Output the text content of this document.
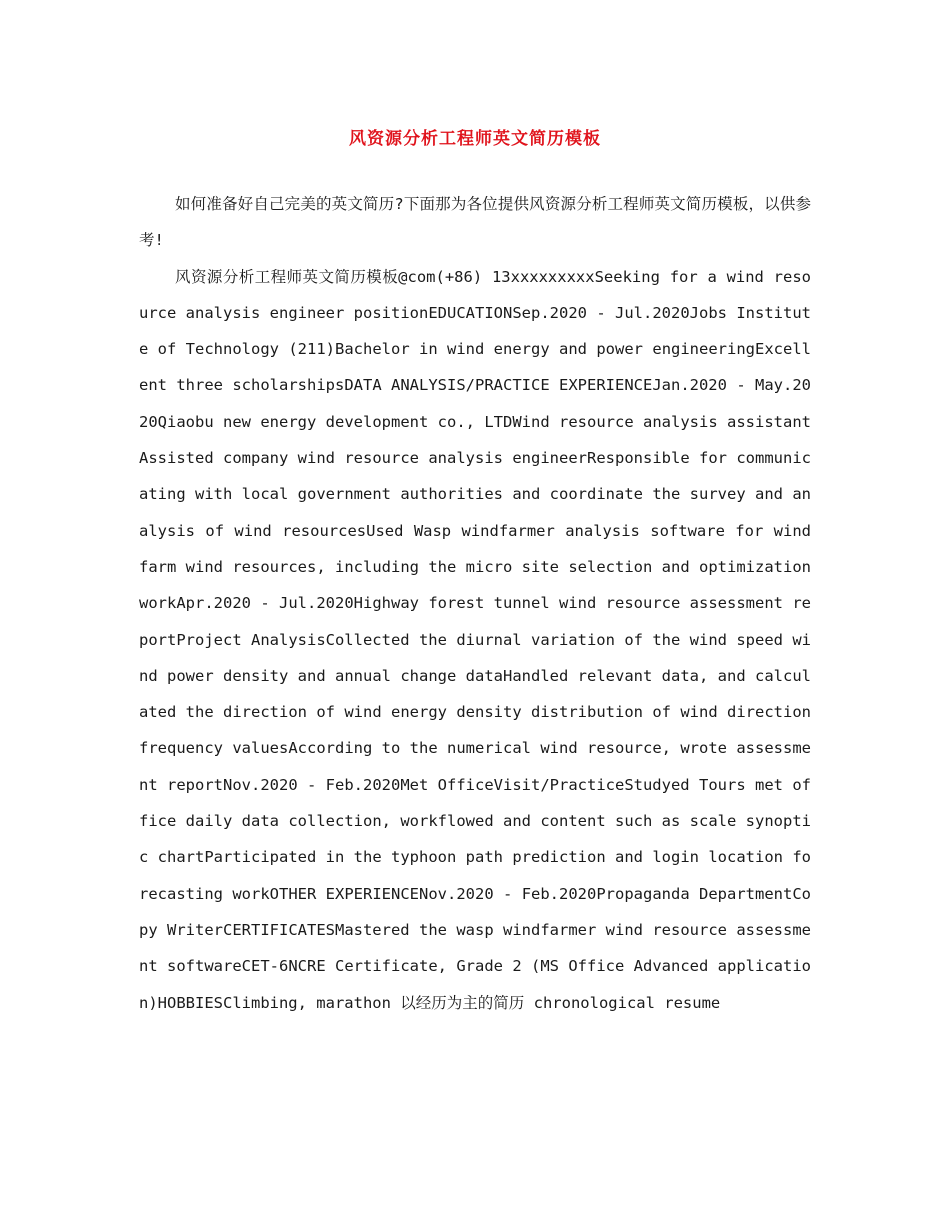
风资源分析工程师英文简历模板

如何准备好自己完美的英文简历?下面那为各位提供风资源分析工程师英文简历模板，以供参考!

风资源分析工程师英文简历模板@com(+86) 13xxxxxxxxxSeeking for a wind resource analysis engineer positionEDUCATIONSep.2020 - Jul.2020Jobs Institute of Technology (211)Bachelor in wind energy and power engineeringExcellent three scholarshipsDATA ANALYSIS/PRACTICE EXPERIENCEJan.2020 - May.2020Qiaobu new energy development co., LTDWind resource analysis assistantAssisted company wind resource analysis engineerResponsible for communicating with local government authorities and coordinate the survey and analysis of wind resourcesUsed Wasp windfarmer analysis software for wind farm wind resources, including the micro site selection and optimization workApr.2020 - Jul.2020Highway forest tunnel wind resource assessment reportProject AnalysisCollected the diurnal variation of the wind speed wind power density and annual change dataHandled relevant data, and calculated the direction of wind energy density distribution of wind direction frequency valuesAccording to the numerical wind resource, wrote assessment reportNov.2020 - Feb.2020Met OfficeVisit/PracticeStudyed Tours met office daily data collection, workflowed and content such as scale synoptic chartParticipated in the typhoon path prediction and login location forecasting workOTHER EXPERIENCENov.2020 - Feb.2020Propaganda DepartmentCopy WriterCERTIFICATESMastered the wasp windfarmer wind resource assessment softwareCET-6NCRE Certificate, Grade 2 (MS Office Advanced application)HOBBIESClimbing, marathon 以经历为主的简历 chronological resume
